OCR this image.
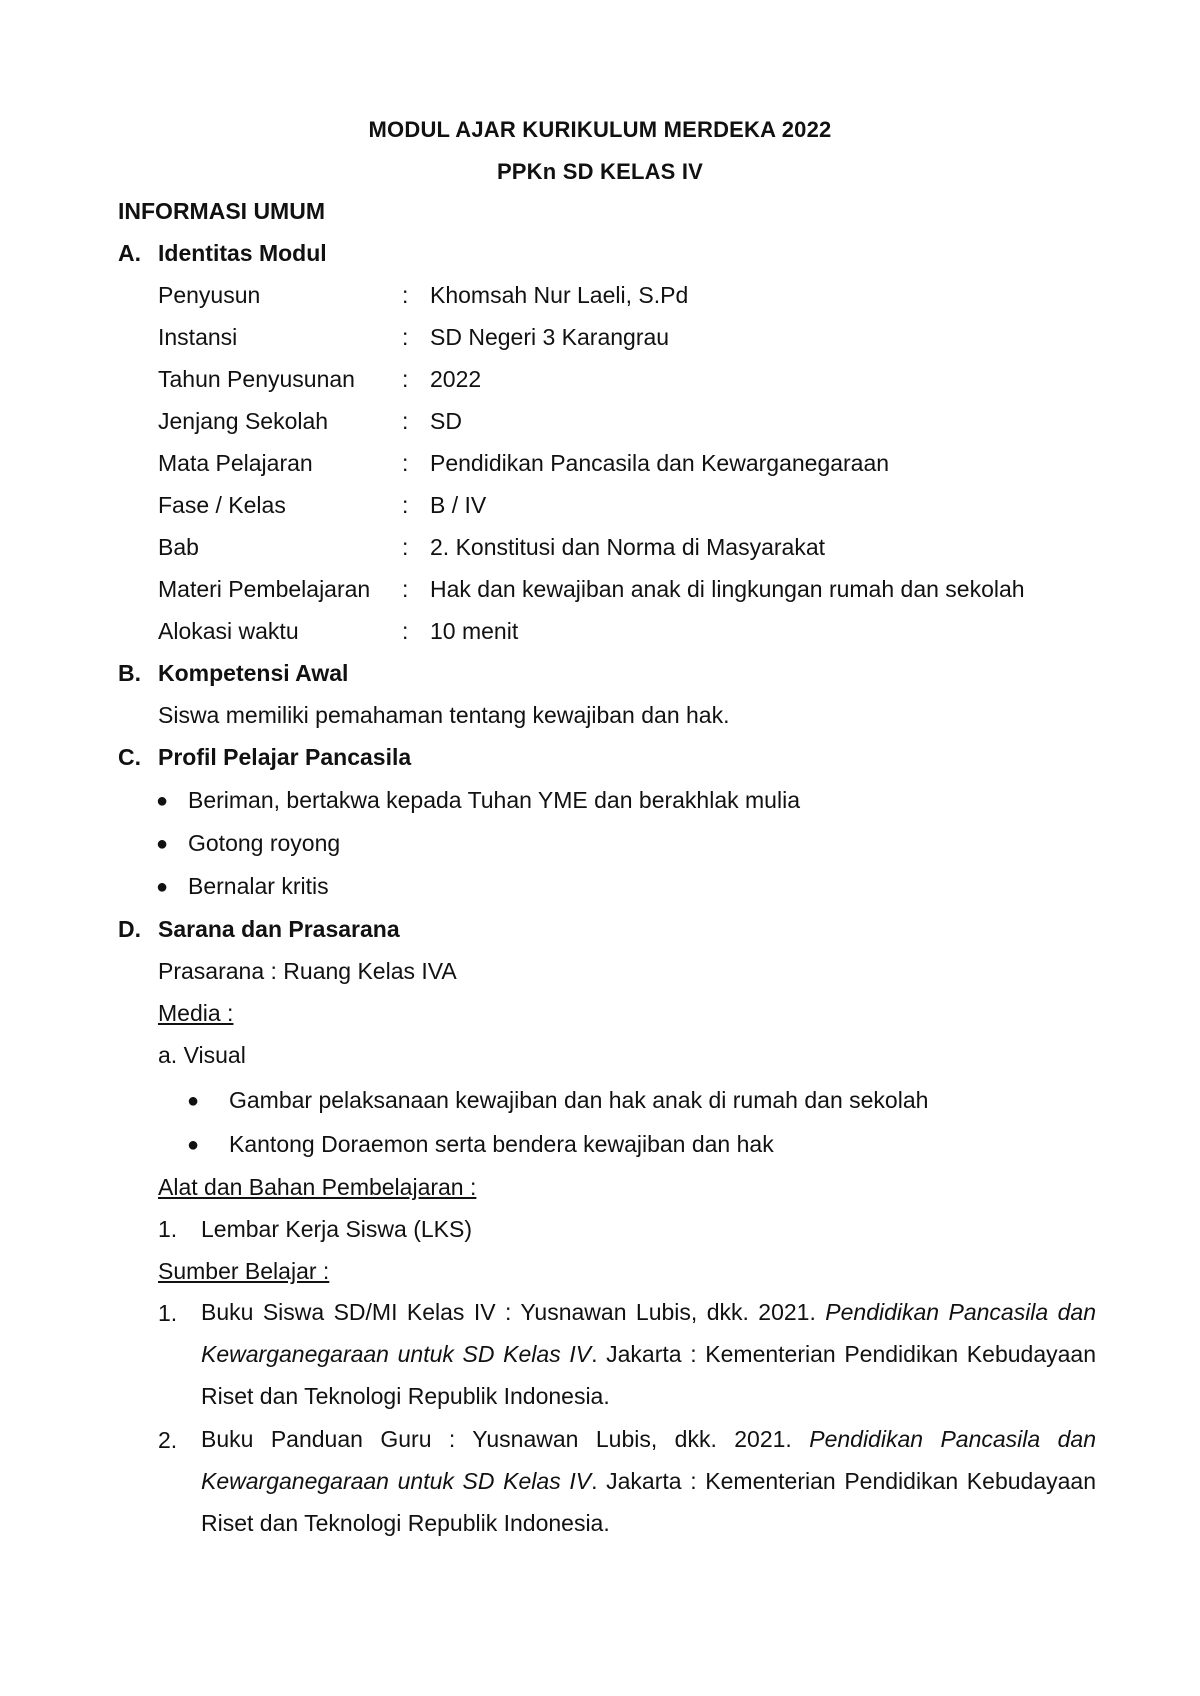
MODUL AJAR KURIKULUM MERDEKA 2022
PPKn SD KELAS IV
INFORMASI UMUM
A. Identitas Modul
Penyusun	: Khomsah Nur Laeli, S.Pd
Instansi	: SD Negeri 3 Karangrau
Tahun Penyusunan : 2022
Jenjang Sekolah	: SD
Mata Pelajaran	: Pendidikan Pancasila dan Kewarganegaraan
Fase / Kelas	: B / IV
Bab	: 2. Konstitusi dan Norma di Masyarakat
Materi Pembelajaran : Hak dan kewajiban anak di lingkungan rumah dan sekolah
Alokasi waktu	: 10 menit
B. Kompetensi Awal
Siswa memiliki pemahaman tentang kewajiban dan hak.
C. Profil Pelajar Pancasila
● Beriman, bertakwa kepada Tuhan YME dan berakhlak mulia
● Gotong royong
● Bernalar kritis
D. Sarana dan Prasarana
Prasarana : Ruang Kelas IVA
Media :
a. Visual
● Gambar pelaksanaan kewajiban dan hak anak di rumah dan sekolah
● Kantong Doraemon serta bendera kewajiban dan hak
Alat dan Bahan Pembelajaran :
1. Lembar Kerja Siswa (LKS)
Sumber Belajar :
1. Buku Siswa SD/MI Kelas IV : Yusnawan Lubis, dkk. 2021. Pendidikan Pancasila dan Kewarganegaraan untuk SD Kelas IV. Jakarta : Kementerian Pendidikan Kebudayaan Riset dan Teknologi Republik Indonesia.
2. Buku Panduan Guru : Yusnawan Lubis, dkk. 2021. Pendidikan Pancasila dan Kewarganegaraan untuk SD Kelas IV. Jakarta : Kementerian Pendidikan Kebudayaan Riset dan Teknologi Republik Indonesia.
